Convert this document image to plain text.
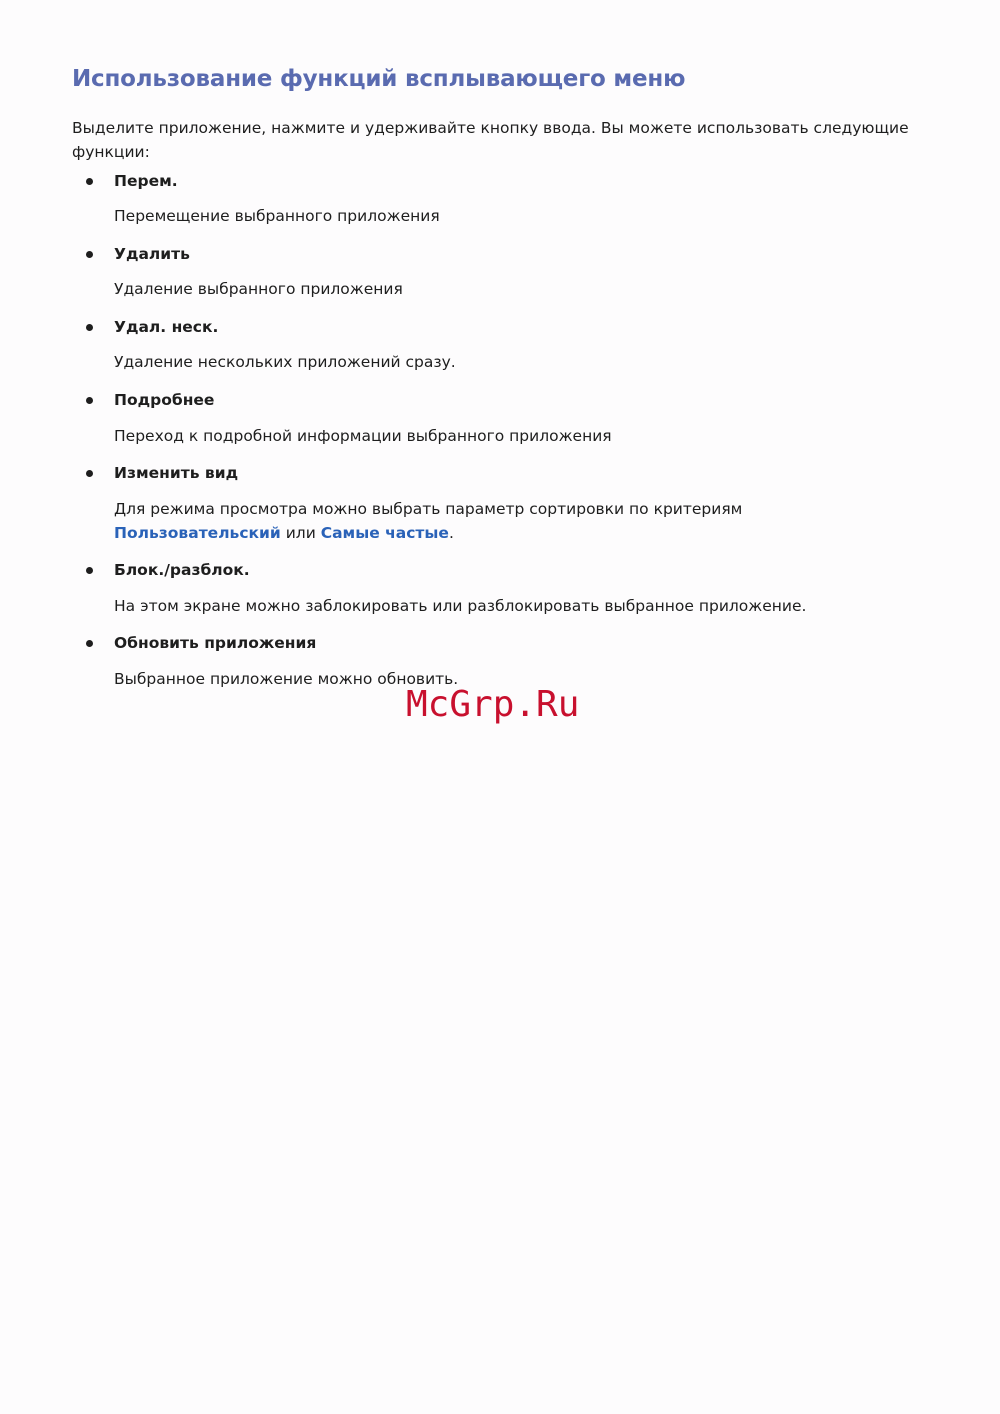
Использование функций всплывающего меню

Выделите приложение, нажмите и удерживайте кнопку ввода. Вы можете использовать следующие функции:

Перем.

Перемещение выбранного приложения

Удалить

Удаление выбранного приложения

Удал. неск.

Удаление нескольких приложений сразу.

Подробнее

Переход к подробной информации выбранного приложения

Изменить вид

Для режима просмотра можно выбрать параметр сортировки по критериям Пользовательский или Самые частые.

Блок./разблок.

На этом экране можно заблокировать или разблокировать выбранное приложение.

Обновить приложения

Выбранное приложение можно обновить.

McGrp.Ru
